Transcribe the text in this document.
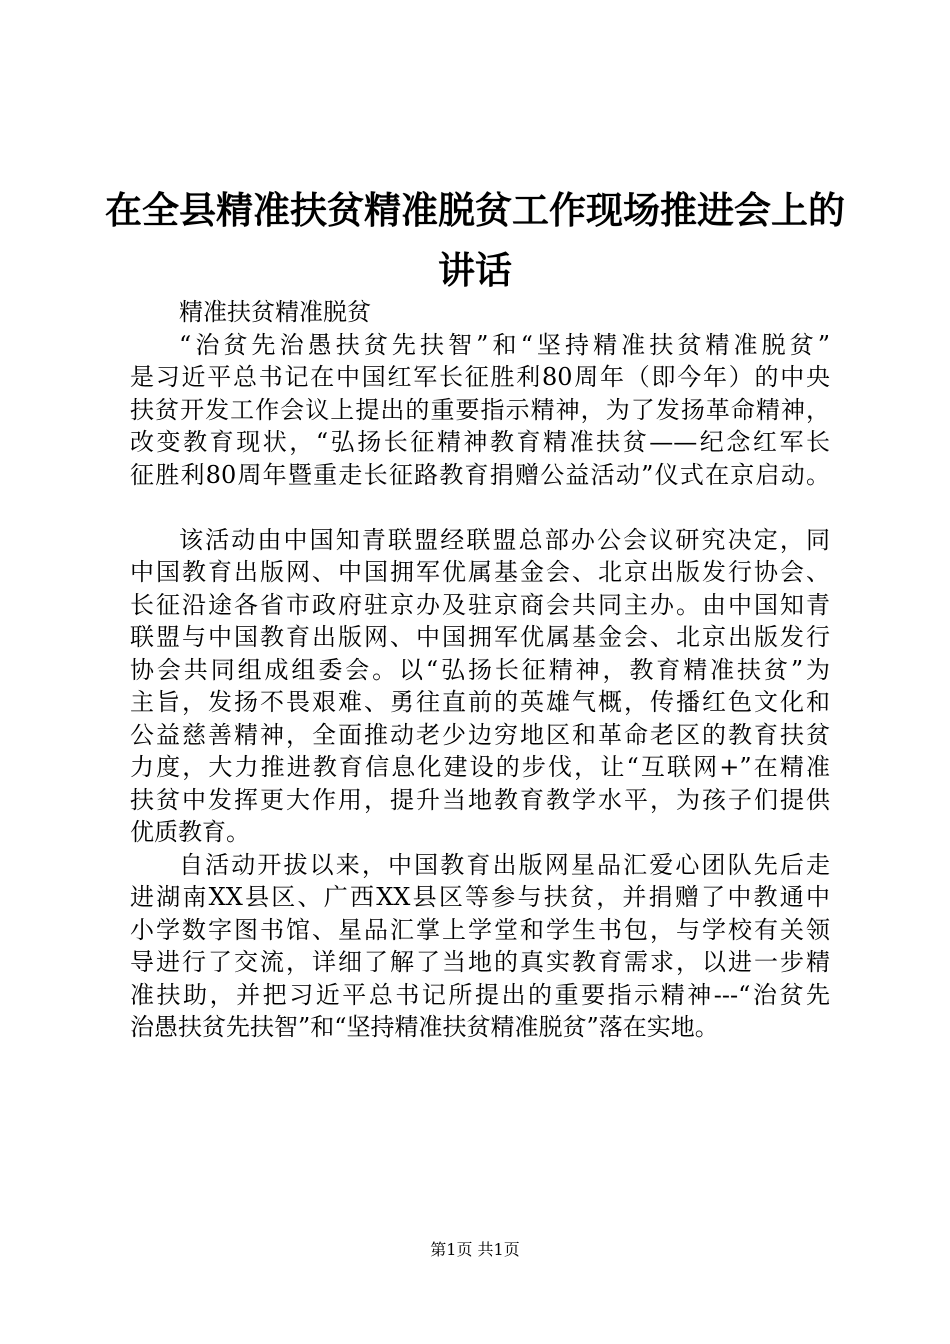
在全县精准扶贫精准脱贫工作现场推进会上的
讲话
精准扶贫精准脱贫
“治贫先治愚扶贫先扶智”和“坚持精准扶贫精准脱贫”
是习近平总书记在中国红军长征胜利80周年（即今年）的中央
扶贫开发工作会议上提出的重要指示精神，为了发扬革命精神，
改变教育现状，“弘扬长征精神教育精准扶贫——纪念红军长
征胜利80周年暨重走长征路教育捐赠公益活动”仪式在京启动。
该活动由中国知青联盟经联盟总部办公会议研究决定，同
中国教育出版网、中国拥军优属基金会、北京出版发行协会、
长征沿途各省市政府驻京办及驻京商会共同主办。由中国知青
联盟与中国教育出版网、中国拥军优属基金会、北京出版发行
协会共同组成组委会。以“弘扬长征精神，教育精准扶贫”为
主旨，发扬不畏艰难、勇往直前的英雄气概，传播红色文化和
公益慈善精神，全面推动老少边穷地区和革命老区的教育扶贫
力度，大力推进教育信息化建设的步伐，让“互联网+”在精准
扶贫中发挥更大作用，提升当地教育教学水平，为孩子们提供
优质教育。
自活动开拔以来，中国教育出版网星品汇爱心团队先后走
进湖南XX县区、广西XX县区等参与扶贫，并捐赠了中教通中
小学数字图书馆、星品汇掌上学堂和学生书包，与学校有关领
导进行了交流，详细了解了当地的真实教育需求，以进一步精
准扶助，并把习近平总书记所提出的重要指示精神---“治贫先
治愚扶贫先扶智”和“坚持精准扶贫精准脱贫”落在实地。
第1页 共1页
